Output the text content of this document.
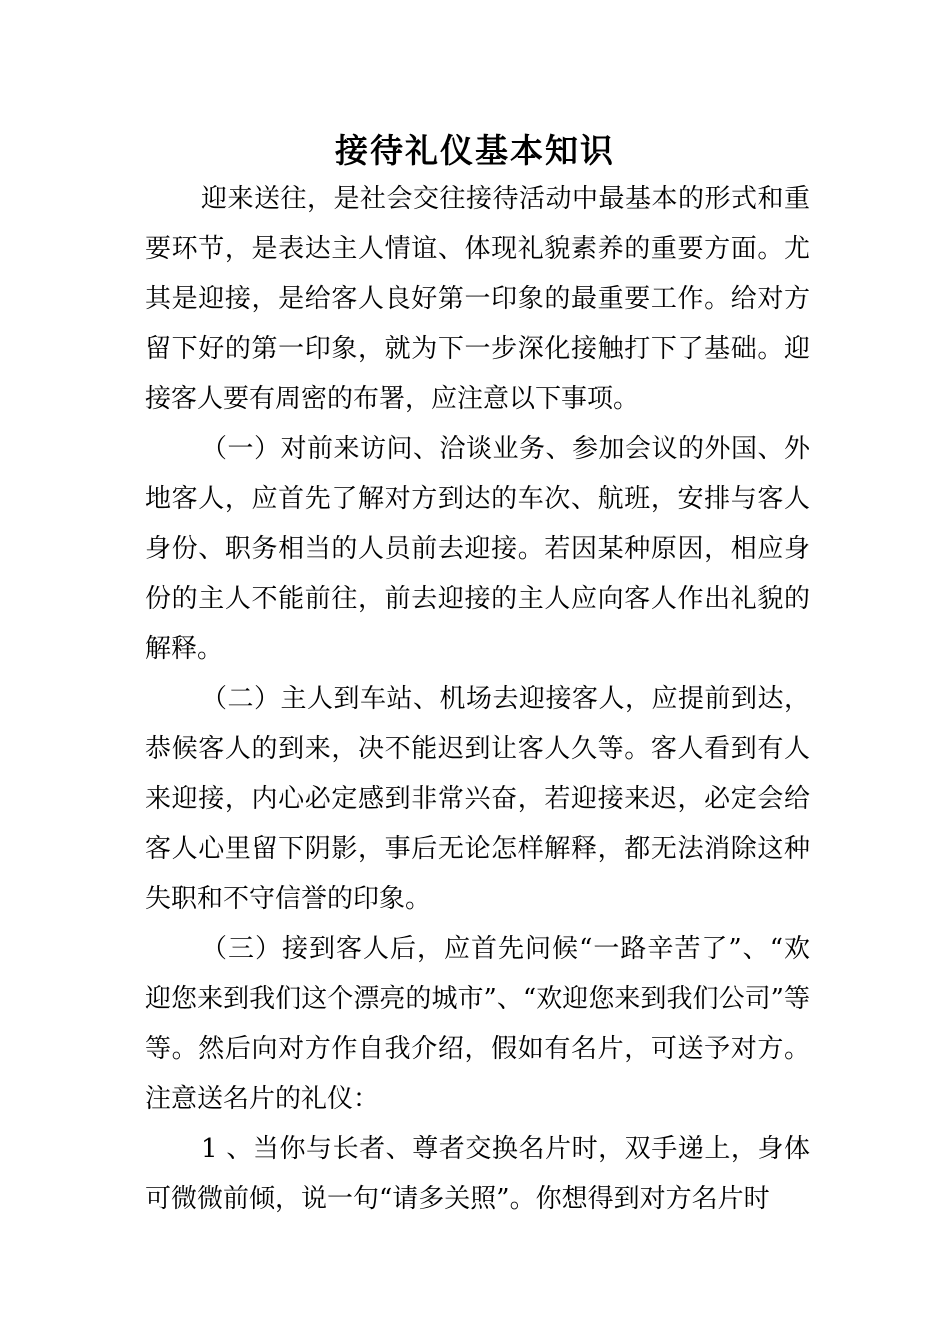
接待礼仪基本知识

迎来送往，是社会交往接待活动中最基本的形式和重要环节，是表达主人情谊、体现礼貌素养的重要方面。尤其是迎接，是给客人良好第一印象的最重要工作。给对方留下好的第一印象，就为下一步深化接触打下了基础。迎接客人要有周密的布署，应注意以下事项。

（一）对前来访问、洽谈业务、参加会议的外国、外地客人，应首先了解对方到达的车次、航班，安排与客人身份、职务相当的人员前去迎接。若因某种原因，相应身份的主人不能前往，前去迎接的主人应向客人作出礼貌的解释。

（二）主人到车站、机场去迎接客人，应提前到达，恭候客人的到来，决不能迟到让客人久等。客人看到有人来迎接，内心必定感到非常兴奋，若迎接来迟，必定会给客人心里留下阴影，事后无论怎样解释，都无法消除这种失职和不守信誉的印象。

（三）接到客人后，应首先问候“一路辛苦了”、“欢迎您来到我们这个漂亮的城市”、“欢迎您来到我们公司”等等。然后向对方作自我介绍，假如有名片，可送予对方。注意送名片的礼仪：

1 、当你与长者、尊者交换名片时，双手递上，身体可微微前倾，说一句“请多关照”。你想得到对方名片时
